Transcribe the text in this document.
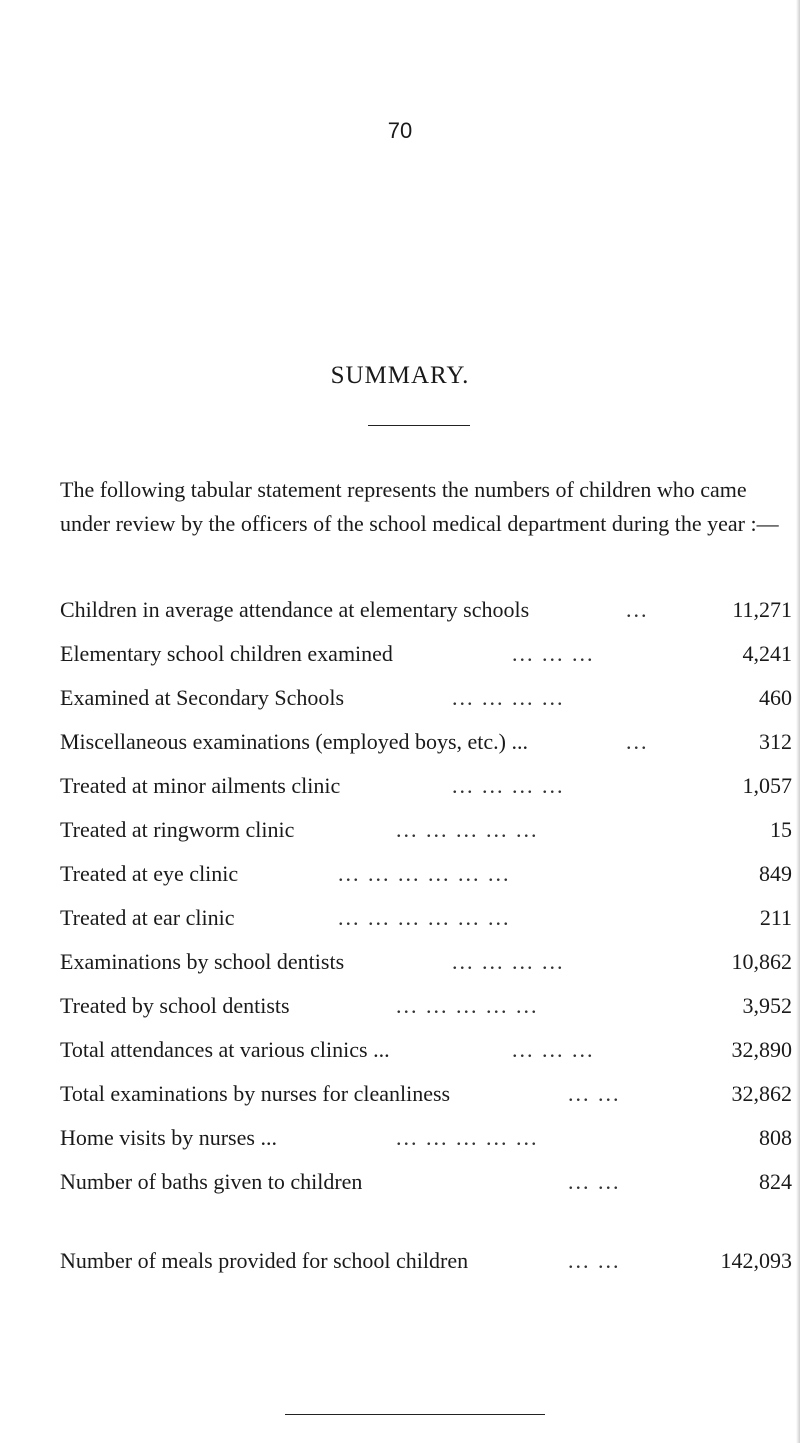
70
SUMMARY.
The following tabular statement represents the numbers of children who came under review by the officers of the school medical department during the year :—
Children in average attendance at elementary schools	...	11,271
Elementary school children examined	... ... ...	4,241
Examined at Secondary Schools	... ... ... ...	460
Miscellaneous examinations (employed boys, etc.) ...	...	312
Treated at minor ailments clinic	... ... ... ...	1,057
Treated at ringworm clinic	... ... ... ... ...	15
Treated at eye clinic	... ... ... ... ... ...	849
Treated at ear clinic	... ... ... ... ... ...	211
Examinations by school dentists	... ... ... ...	10,862
Treated by school dentists	... ... ... ... ...	3,952
Total attendances at various clinics ...	... ... ...	32,890
Total examinations by nurses for cleanliness	... ...	32,862
Home visits by nurses ...	... ... ... ... ...	808
Number of baths given to children	... ...	824
Number of meals provided for school children	... ...	142,093
